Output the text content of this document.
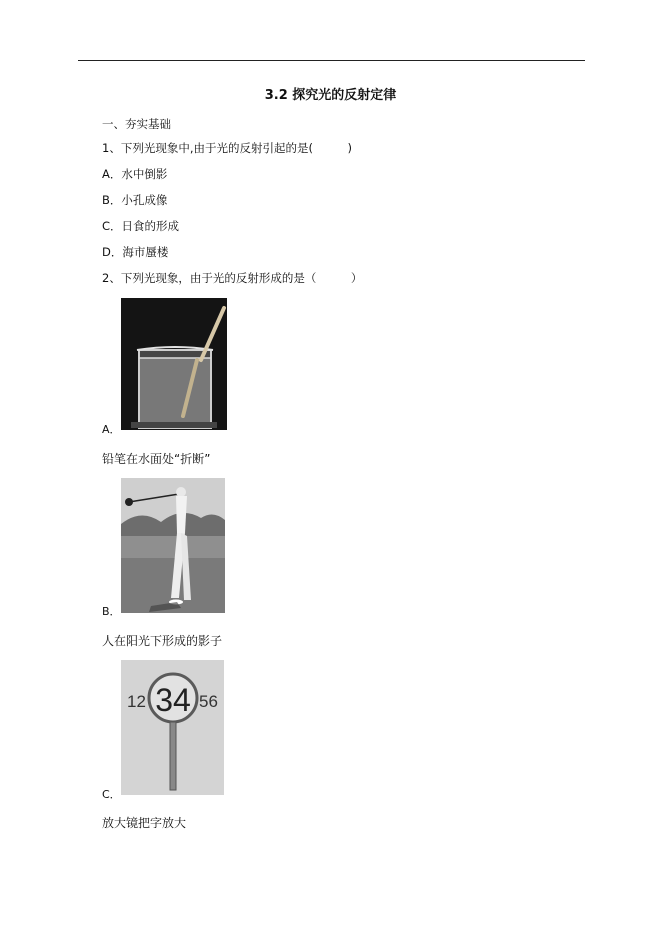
3.2 探究光的反射定律
一、夯实基础
1、下列光现象中,由于光的反射引起的是(　　　)
A．水中倒影
B．小孔成像
C．日食的形成
D．海市蜃楼
2、下列光现象，由于光的反射形成的是（　　　）
A．
铅笔在水面处“折断”
B．
人在阳光下形成的影子
12 34 56
C．
放大镜把字放大
